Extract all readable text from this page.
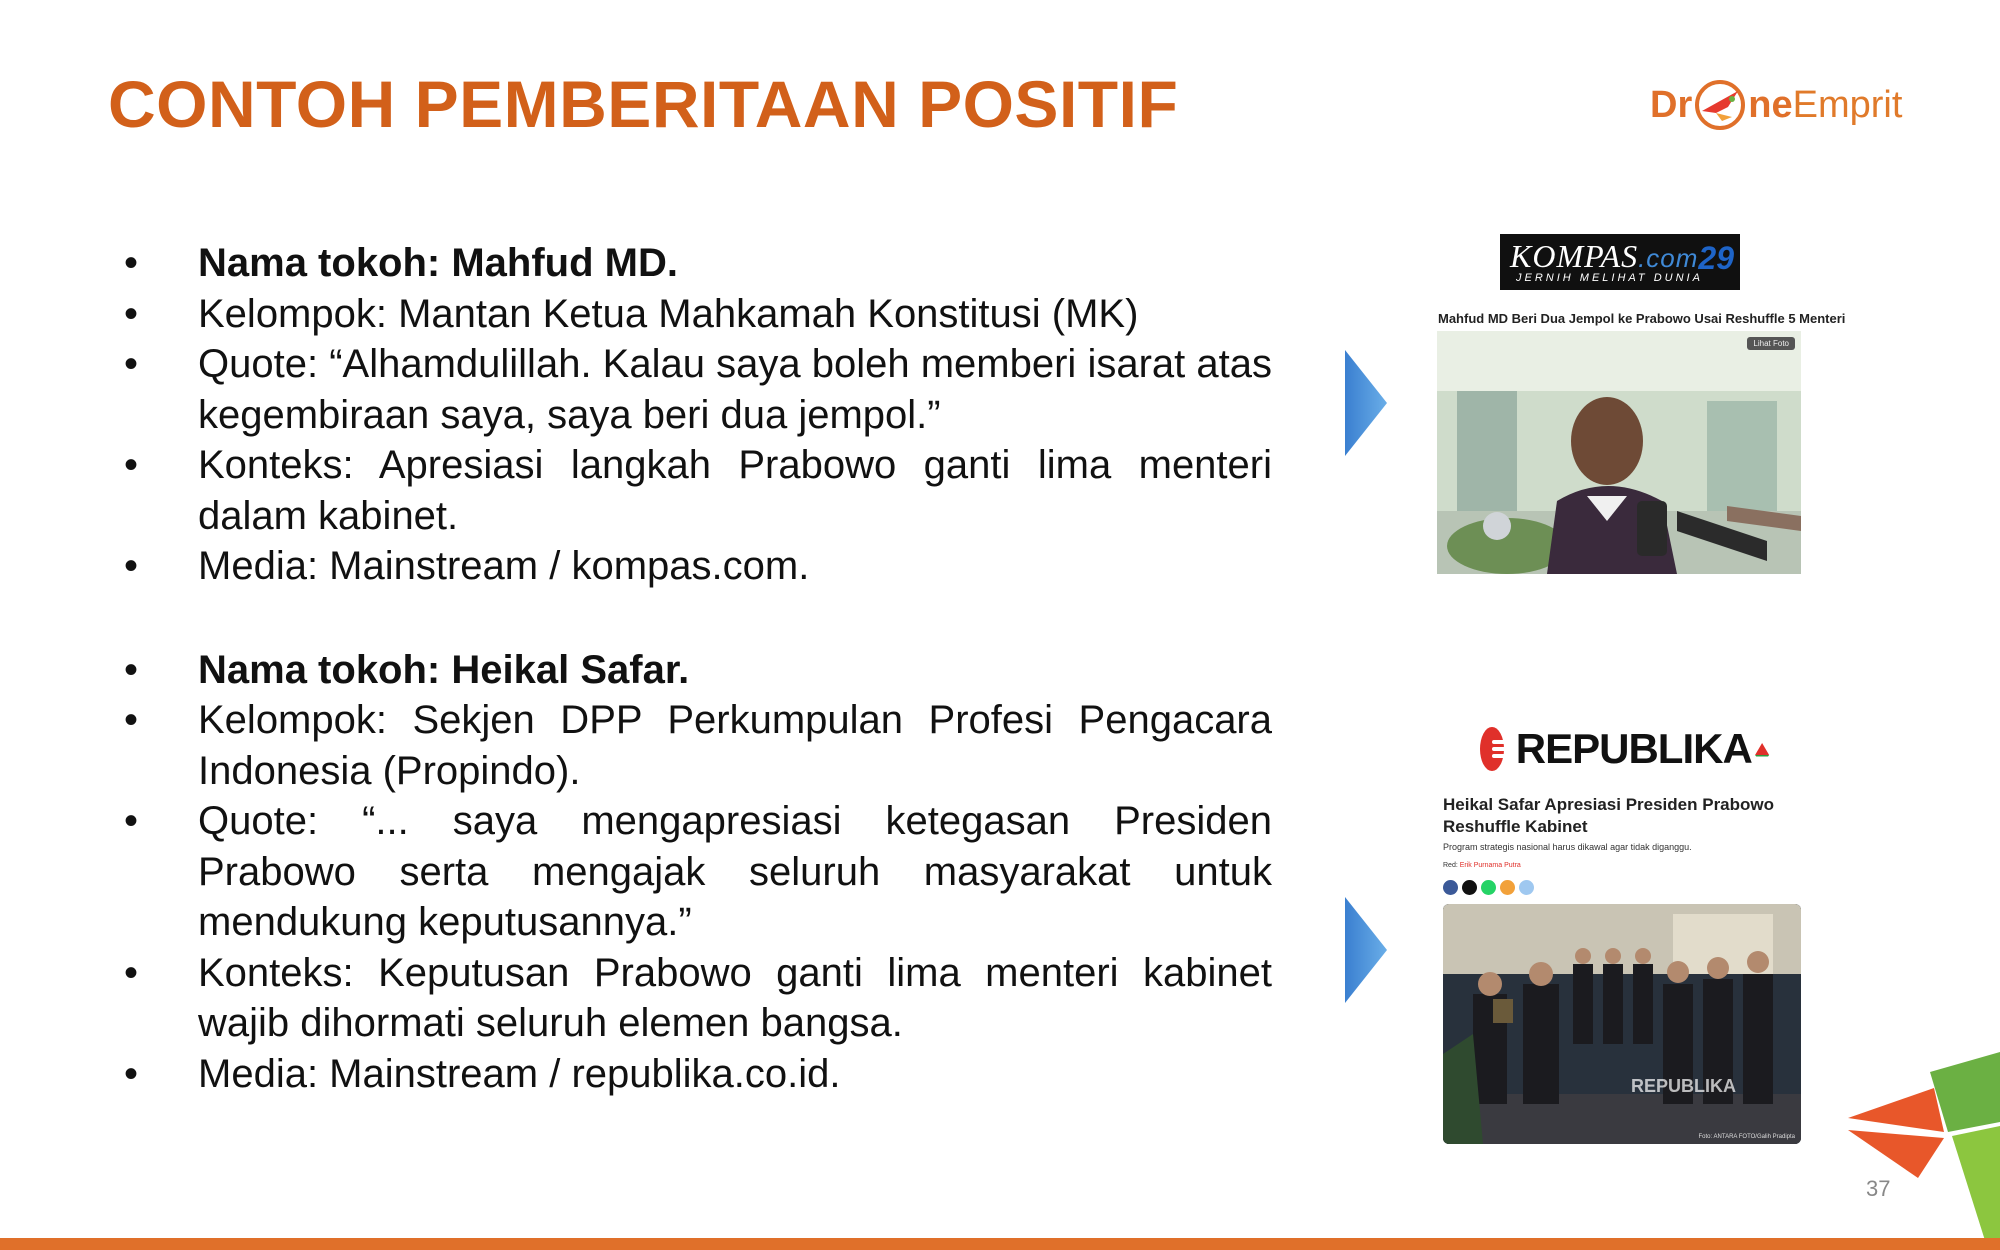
CONTOH PEMBERITAAN POSITIF	Dr ne Emprit
•	Nama tokoh: Mahfud MD.
•	Kelompok: Mantan Ketua Mahkamah Konstitusi (MK)
•	Quote: “Alhamdulillah. Kalau saya boleh memberi isarat atas kegembiraan saya, saya beri dua jempol.”
•	Konteks: Apresiasi langkah Prabowo ganti lima menteri dalam kabinet.
•	Media: Mainstream / kompas.com.
•	Nama tokoh: Heikal Safar.
•	Kelompok: Sekjen DPP Perkumpulan Profesi Pengacara Indonesia (Propindo).
•	Quote: “... saya mengapresiasi ketegasan Presiden Prabowo serta mengajak seluruh masyarakat untuk mendukung keputusannya.”
•	Konteks: Keputusan Prabowo ganti lima menteri kabinet wajib dihormati seluruh elemen bangsa.
•	Media: Mainstream / republika.co.id.
KOMPAS.com 29
JERNIH MELIHAT DUNIA
Mahfud MD Beri Dua Jempol ke Prabowo Usai Reshuffle 5 Menteri
Lihat Foto
REPUBLIKA
Heikal Safar Apresiasi Presiden Prabowo Reshuffle Kabinet
Program strategis nasional harus dikawal agar tidak diganggu.
Red: Erik Purnama Putra
REPUBLIKA
Foto: ANTARA FOTO/Galih Pradipta
37
